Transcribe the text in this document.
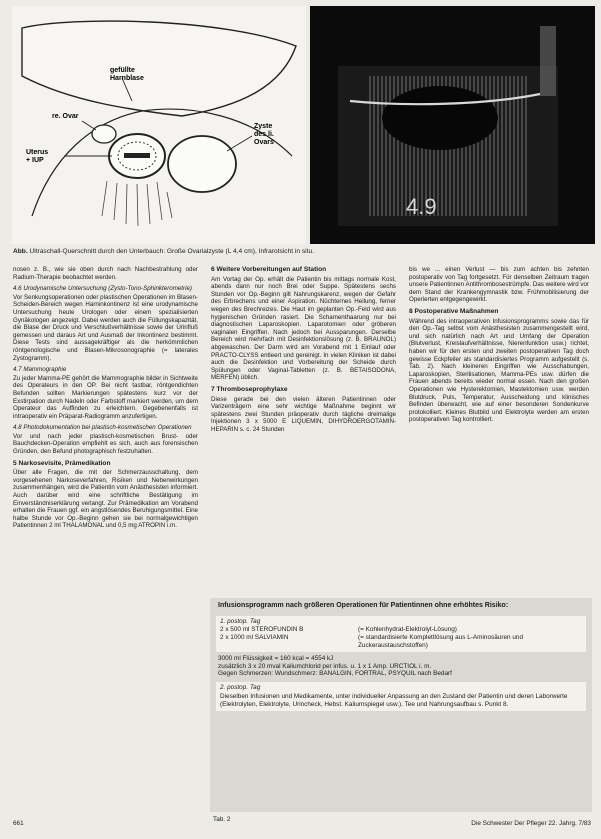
gefüllte Harnblase
re. Ovar
Uterus + IUP
Zyste des li. Ovars
4.9
Abb. Ultraschall-Querschnitt durch den Unterbauch: Große Ovarialzyste (L 4,4 cm), Infrarotsicht in situ.

nosen z. B., wie sie oben durch nach Nachbestrahlung oder Radium-Therapie beobachtet werden.

4.6 Urodynamische Untersuchung (Zysto-Tono-Sphinkterometrie)

Vor Senkungsoperationen oder plastischen Operationen im Blasen-Scheiden-Bereich wegen Harninkontinenz ist eine urodynamische Untersuchung heute Urologen oder einem spezialisierten Gynäkologen angezeigt. Dabei werden auch die Füllungskapazität, die Blase der Druck und Verschlußverhältnisse sowie der Urinfluß gemessen und daraus Art und Ausmaß der Inkontinenz bestimmt. Diese Tests sind aussagekräftiger als die herkömmlichen röntgenologische und Blasen-Mikrosonographie (= laterales Zystogramm).

4.7 Mammographie

Zu jeder Mamma-PE gehört die Mammographie bilder in Sichtweite des Operateurs in den OP. Bei nicht tastbar, röntgendichten Befunden sollten Markierungen spätestens kurz vor der Exstirpation durch Nadeln oder Farbstoff markiert werden, um dem Operateur das Auffinden zu erleichtern. Gegebenenfalls ist intraoperativ ein Präparat-Radiogramm anzufertigen.

4.8 Photodokumentation bei plastisch-kosmetischen Operationen

Vor und nach jeder plastisch-kosmetischen Brust- oder Bauchdecken-Operation empfiehlt es sich, auch aus forensischen Gründen, den Befund photographisch festzuhalten.

5 Narkosevisite, Prämedikation

Über alle Fragen, die mit der Schmerzausschaltung, dem vorgesehenen Narkoseverfahren, Risiken und Nebenwirkungen zusammenhängen, wird die Patientin vom Anästhesisten informiert. Auch darüber wird eine schriftliche Bestätigung im Einverständniserklärung verlangt. Zur Prämedikation am Vorabend erhalten die Frauen ggf. ein angstlösendes Beruhigungsmittel. Eine halbe Stunde vor Op.-Beginn gehen sie bei normalgewichtigen Patientinnen 2 ml THALAMONAL und 0,5 mg ATROPIN i.m.

6 Weitere Vorbereitungen auf Station

Am Vortag der Op. erhält die Patientin bis mittags normale Kost, abends dann nur noch Brei oder Suppe. Spätestens sechs Stunden vor Op.-Beginn gilt Nahrungskarenz, wegen der Gefahr des Erbrechens und einer Aspiration. Nüchternes Heilung, ferner wegen des Brechreizes. Die Haut im geplanten Op.-Feld wird aus hygienischen Gründen rasiert. Die Schamenthaarung nur bei diagnostischen Laparoskopien. Laparotomien oder gröberen vaginalen Eingriffen. Nach jedoch bei Aussparungen. Derselbe Bereich wird mehrfach mit Desinfektionslösung (z. B. BRAUNOL) abgewaschen. Der Darm wird am Vorabend mit 1 Einlauf oder PRACTO-CLYSS entleert und gereinigt. In vielen Kliniken ist dabei auch die Desinfektion und Vorbereitung der Scheide durch Spülungen oder Vaginal-Tabletten (z. B. BETAISODONA, MERFEN) üblich.

7 Thromboseprophylaxe

Diese gerade bei den vielen älteren Patientinnen oder Varizenträgern eine sehr wichtige Maßnahme beginnt wir spätestens zwei Stunden präoperativ durch tägliche dreimalige Injektionen 3 x 5000 E LIQUEMIN, DIHYDROERGOTAMIN-HEPARIN s. c. 24 Stunden

bis we ... einen Verlust — bis zum achten bis zehnten postoperativ von Tag fortgesetzt. Für denselben Zeitraum tragen unsere Patientinnen Antithrombosestrümpfe. Das weitere wird vor dem Stand der Krankengymnastik bzw. Frühmobilisierung der Operierten entgegengewirkt.

8 Postoperative Maßnahmen

Während des intraoperativen Infusionsprogramms sowie das für den Op.-Tag selbst vom Anästhesisten zusammengestellt wird, und sich natürlich nach Art und Umfang der Operation (Blutverlust, Kreislaufverhältnisse, Nierenfunktion usw.) richtet, haben wir für den ersten und zweiten postoperativen Tag doch gewisse Eckpfeiler als standardisiertes Programm aufgestellt (s. Tab. 2). Nach kleineren Eingriffen wie Ausschabungen, Laparoskopien, Sterilisationen, Mamma-PEs usw. dürfen die Frauen abends bereits wieder normal essen. Nach den großen Operationen wie Hysterektomien, Mastektomien usw. werden Blutdruck, Puls, Temperatur, Ausscheidung und klinisches Befinden überwacht, wie auf einer besonderen Sondenkurve protokolliert. Kleines Blutbild und Elektrolyte werden am ersten postoperativen Tag kontrolliert.

Infusionsprogramm nach größeren Operationen für Patientinnen ohne erhöhtes Risiko:
1. postop. Tag
2 x 500 ml STEROFUNDIN B	(= Kohlenhydrat-Elektrolyt-Lösung)
2 x 1000 ml SALVIAMIN	(= standardisierte Komplettlösung aus L-Aminosäuren und Zuckeraustauschstoffen)
3000 ml Flüssigkeit = 160 kcal = 4554 kJ
zusätzlich 3 x 20 mval Kaliumchlorid per infus. u. 1 x 1 Amp. URCTIOL i. m.
Gegen Schmerzen: Wundschmerz: BANALGIN, FORTRAL, PSYQUIL nach Bedarf
2. postop. Tag
Dieselben Infusionen und Medikamente, unter individueller Anpassung an den Zustand der Patientin und deren Laborwerte (Elektrolyten, Elektrolyte, Urincheck, Hebst. Kaliumspiegel usw.). Tee und Nahrungsaufbau s. Punkt 8.
Tab. 2
661	Die Schwester Der Pfleger 22. Jahrg. 7/83
